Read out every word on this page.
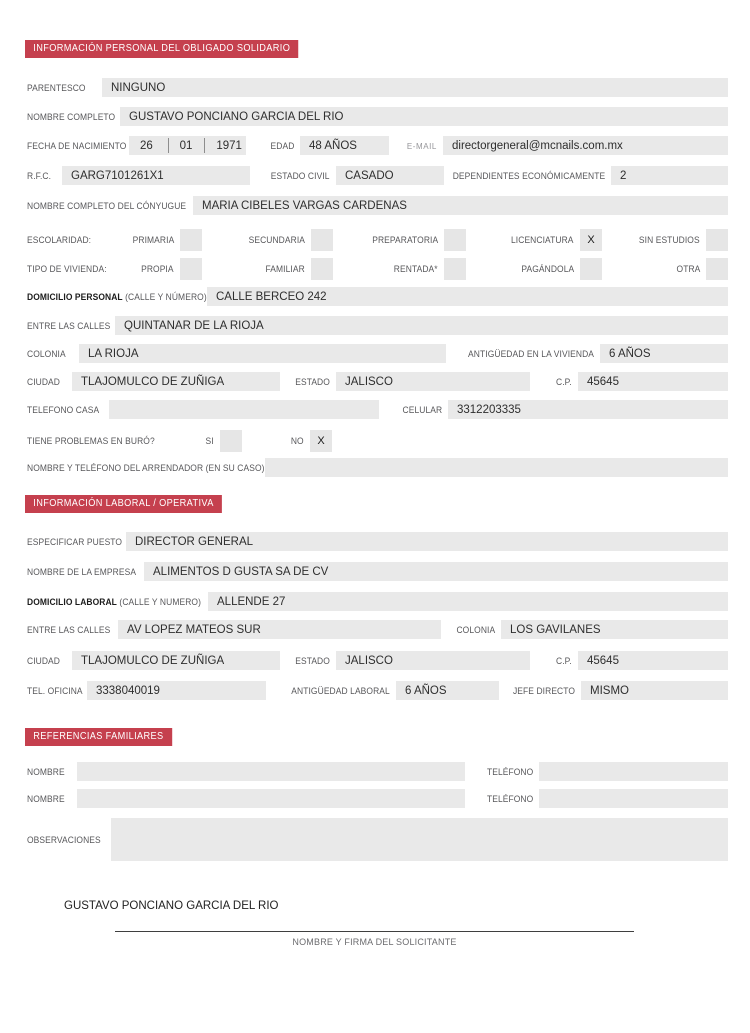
INFORMACIÓN PERSONAL DEL OBLIGADO SOLIDARIO
PARENTESCO	NINGUNO
NOMBRE COMPLETO	GUSTAVO PONCIANO GARCIA DEL RIO
FECHA DE NACIMIENTO	26	01	1971	EDAD	48 AÑOS	E-MAIL	directorgeneral@mcnails.com.mx
R.F.C.	GARG7101261X1	ESTADO CIVIL	CASADO	DEPENDIENTES ECONÓMICAMENTE	2
NOMBRE COMPLETO DEL CÓNYUGUE	MARIA CIBELES VARGAS CARDENAS
ESCOLARIDAD:	PRIMARIA	SECUNDARIA	PREPARATORIA	LICENCIATURA	X	SIN ESTUDIOS
TIPO DE VIVIENDA:	PROPIA	FAMILIAR	RENTADA*	PAGÁNDOLA	OTRA
DOMICILIO PERSONAL (CALLE Y NÚMERO) CALLE BERCEO 242
ENTRE LAS CALLES	QUINTANAR DE LA RIOJA
COLONIA	LA RIOJA	ANTIGÜEDAD EN LA VIVIENDA	6 AÑOS
CIUDAD	TLAJOMULCO DE ZUÑIGA	ESTADO	JALISCO	C.P.	45645
TELEFONO CASA	CELULAR	3312203335
TIENE PROBLEMAS EN BURÓ?	SI	NO	X
NOMBRE Y TELÉFONO DEL ARRENDADOR (EN SU CASO)
INFORMACIÓN LABORAL / OPERATIVA
ESPECIFICAR PUESTO	DIRECTOR GENERAL
NOMBRE DE LA EMPRESA	ALIMENTOS D GUSTA SA DE CV
DOMICILIO LABORAL (CALLE Y NUMERO)	ALLENDE 27
ENTRE LAS CALLES	AV LOPEZ MATEOS SUR	COLONIA	LOS GAVILANES
CIUDAD	TLAJOMULCO DE ZUÑIGA	ESTADO	JALISCO	C.P.	45645
TEL. OFICINA	3338040019	ANTIGÜEDAD LABORAL	6 AÑOS	JEFE DIRECTO	MISMO
REFERENCIAS FAMILIARES
NOMBRE	TELÉFONO
NOMBRE	TELÉFONO
OBSERVACIONES
GUSTAVO PONCIANO GARCIA DEL RIO
NOMBRE Y FIRMA DEL SOLICITANTE
